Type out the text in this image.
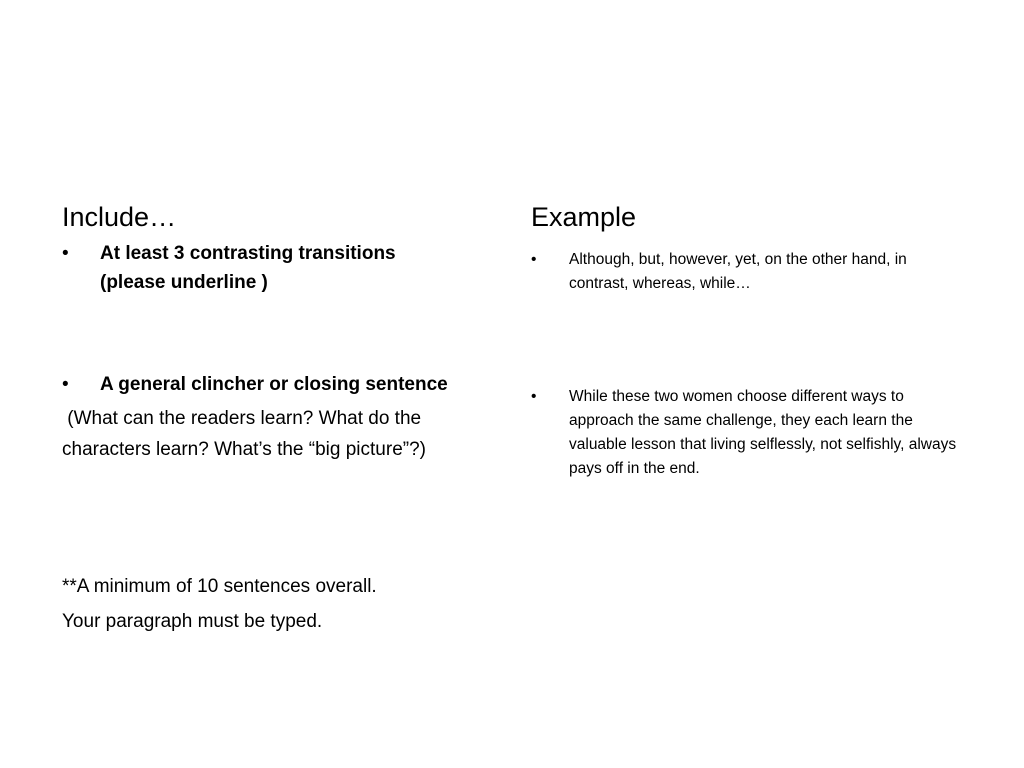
Include…
• At least 3 contrasting transitions (please underline )
• A general clincher or closing sentence
(What can the readers learn? What do the characters learn? What’s the “big picture”?)
**A minimum of 10 sentences overall.
Your paragraph must be typed.
Example
• Although, but, however, yet, on the other hand, in contrast, whereas, while…
• While these two women choose different ways to approach the same challenge, they each learn the valuable lesson that living selflessly, not selfishly, always pays off in the end.
